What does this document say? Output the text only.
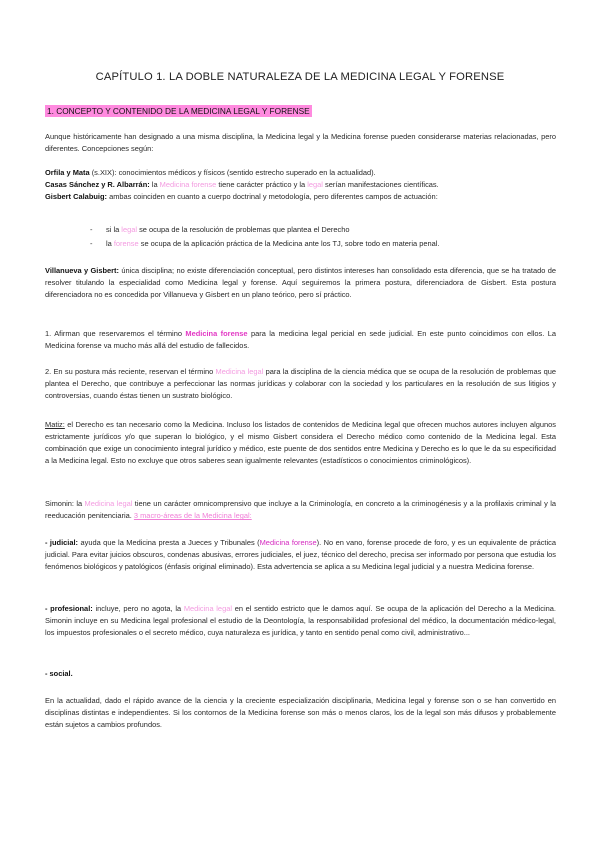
CAPÍTULO 1. LA DOBLE NATURALEZA DE LA MEDICINA LEGAL Y FORENSE
1. CONCEPTO Y CONTENIDO DE LA MEDICINA LEGAL Y FORENSE

Aunque históricamente han designado a una misma disciplina, la Medicina legal y la Medicina forense pueden considerarse materias relacionadas, pero diferentes. Concepciones según:

Orfila y Mata (s.XIX): conocimientos médicos y físicos (sentido estrecho superado en la actualidad).

Casas Sánchez y R. Albarrán: la Medicina forense tiene carácter práctico y la legal serían manifestaciones científicas.

Gisbert Calabuig: ambas coinciden en cuanto a cuerpo doctrinal y metodología, pero diferentes campos de actuación:

- si la legal se ocupa de la resolución de problemas que plantea el Derecho
- la forense se ocupa de la aplicación práctica de la Medicina ante los TJ, sobre todo en materia penal.

Villanueva y Gisbert: única disciplina; no existe diferenciación conceptual, pero distintos intereses han consolidado esta diferencia, que se ha tratado de resolver titulando la especialidad como Medicina legal y forense. Aquí seguiremos la primera postura, diferenciadora de Gisbert. Esta postura diferenciadora no es concedida por Villanueva y Gisbert en un plano teórico, pero sí práctico.

1. Afirman que reservaremos el término Medicina forense para la medicina legal pericial en sede judicial. En este punto coincidimos con ellos. La Medicina forense va mucho más allá del estudio de fallecidos.

2. En su postura más reciente, reservan el término Medicina legal para la disciplina de la ciencia médica que se ocupa de la resolución de problemas que plantea el Derecho, que contribuye a perfeccionar las normas jurídicas y colaborar con la sociedad y los particulares en la resolución de sus litigios y controversias, cuando éstas tienen un sustrato biológico.

Matiz: el Derecho es tan necesario como la Medicina. Incluso los listados de contenidos de Medicina legal que ofrecen muchos autores incluyen algunos estrictamente jurídicos y/o que superan lo biológico, y el mismo Gisbert considera el Derecho médico como contenido de la Medicina legal. Esta combinación que exige un conocimiento integral jurídico y médico, este puente de dos sentidos entre Medicina y Derecho es lo que le da su especificidad a la Medicina legal. Esto no excluye que otros saberes sean igualmente relevantes (estadísticos o conocimientos criminológicos).

Simonin: la Medicina legal tiene un carácter omnicomprensivo que incluye a la Criminología, en concreto a la criminogénesis y a la profilaxis criminal y la reeducación penitenciaria. 3 macro-áreas de la Medicina legal:

- judicial: ayuda que la Medicina presta a Jueces y Tribunales (Medicina forense). No en vano, forense procede de foro, y es un equivalente de práctica judicial. Para evitar juicios obscuros, condenas abusivas, errores judiciales, el juez, técnico del derecho, precisa ser informado por persona que estudia los fenómenos biológicos y patológicos (énfasis original eliminado). Esta advertencia se aplica a su Medicina legal judicial y a nuestra Medicina forense.

- profesional: incluye, pero no agota, la Medicina legal en el sentido estricto que le damos aquí. Se ocupa de la aplicación del Derecho a la Medicina. Simonin incluye en su Medicina legal profesional el estudio de la Deontología, la responsabilidad profesional del médico, la documentación médico-legal, los impuestos profesionales o el secreto médico, cuya naturaleza es jurídica, y tanto en sentido penal como civil, administrativo...

- social.

En la actualidad, dado el rápido avance de la ciencia y la creciente especialización disciplinaria, Medicina legal y forense son o se han convertido en disciplinas distintas e independientes. Si los contornos de la Medicina forense son más o menos claros, los de la legal son más difusos y probablemente están sujetos a cambios profundos.
